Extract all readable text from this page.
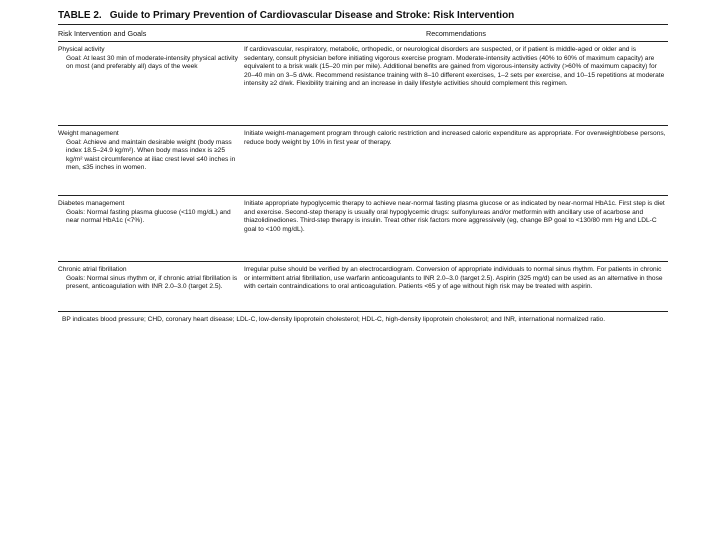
TABLE 2. Guide to Primary Prevention of Cardiovascular Disease and Stroke: Risk Intervention
Risk Intervention and Goals	Recommendations
Physical activity
Goal: At least 30 min of moderate-intensity physical activity on most (and preferably all) days of the week
If cardiovascular, respiratory, metabolic, orthopedic, or neurological disorders are suspected, or if patient is middle-aged or older and is sedentary, consult physician before initiating vigorous exercise program. Moderate-intensity activities (40% to 60% of maximum capacity) are equivalent to a brisk walk (15–20 min per mile). Additional benefits are gained from vigorous-intensity activity (>60% of maximum capacity) for 20–40 min on 3–5 d/wk. Recommend resistance training with 8–10 different exercises, 1–2 sets per exercise, and 10–15 repetitions at moderate intensity ≥2 d/wk. Flexibility training and an increase in daily lifestyle activities should complement this regimen.
Weight management
Goal: Achieve and maintain desirable weight (body mass index 18.5–24.9 kg/m²). When body mass index is ≥25 kg/m² waist circumference at iliac crest level ≤40 inches in men, ≤35 inches in women.
Initiate weight-management program through caloric restriction and increased caloric expenditure as appropriate. For overweight/obese persons, reduce body weight by 10% in first year of therapy.
Diabetes management
Goals: Normal fasting plasma glucose (<110 mg/dL) and near normal HbA1c (<7%).
Initiate appropriate hypoglycemic therapy to achieve near-normal fasting plasma glucose or as indicated by near-normal HbA1c. First step is diet and exercise. Second-step therapy is usually oral hypoglycemic drugs: sulfonylureas and/or metformin with ancillary use of acarbose and thiazolidinediones. Third-step therapy is insulin. Treat other risk factors more aggressively (eg, change BP goal to <130/80 mm Hg and LDL-C goal to <100 mg/dL).
Chronic atrial fibrillation
Goals: Normal sinus rhythm or, if chronic atrial fibrillation is present, anticoagulation with INR 2.0–3.0 (target 2.5).
Irregular pulse should be verified by an electrocardiogram. Conversion of appropriate individuals to normal sinus rhythm. For patients in chronic or intermittent atrial fibrillation, use warfarin anticoagulants to INR 2.0–3.0 (target 2.5). Aspirin (325 mg/d) can be used as an alternative in those with certain contraindications to oral anticoagulation. Patients <65 y of age without high risk may be treated with aspirin.
BP indicates blood pressure; CHD, coronary heart disease; LDL-C, low-density lipoprotein cholesterol; HDL-C, high-density lipoprotein cholesterol; and INR, international normalized ratio.
